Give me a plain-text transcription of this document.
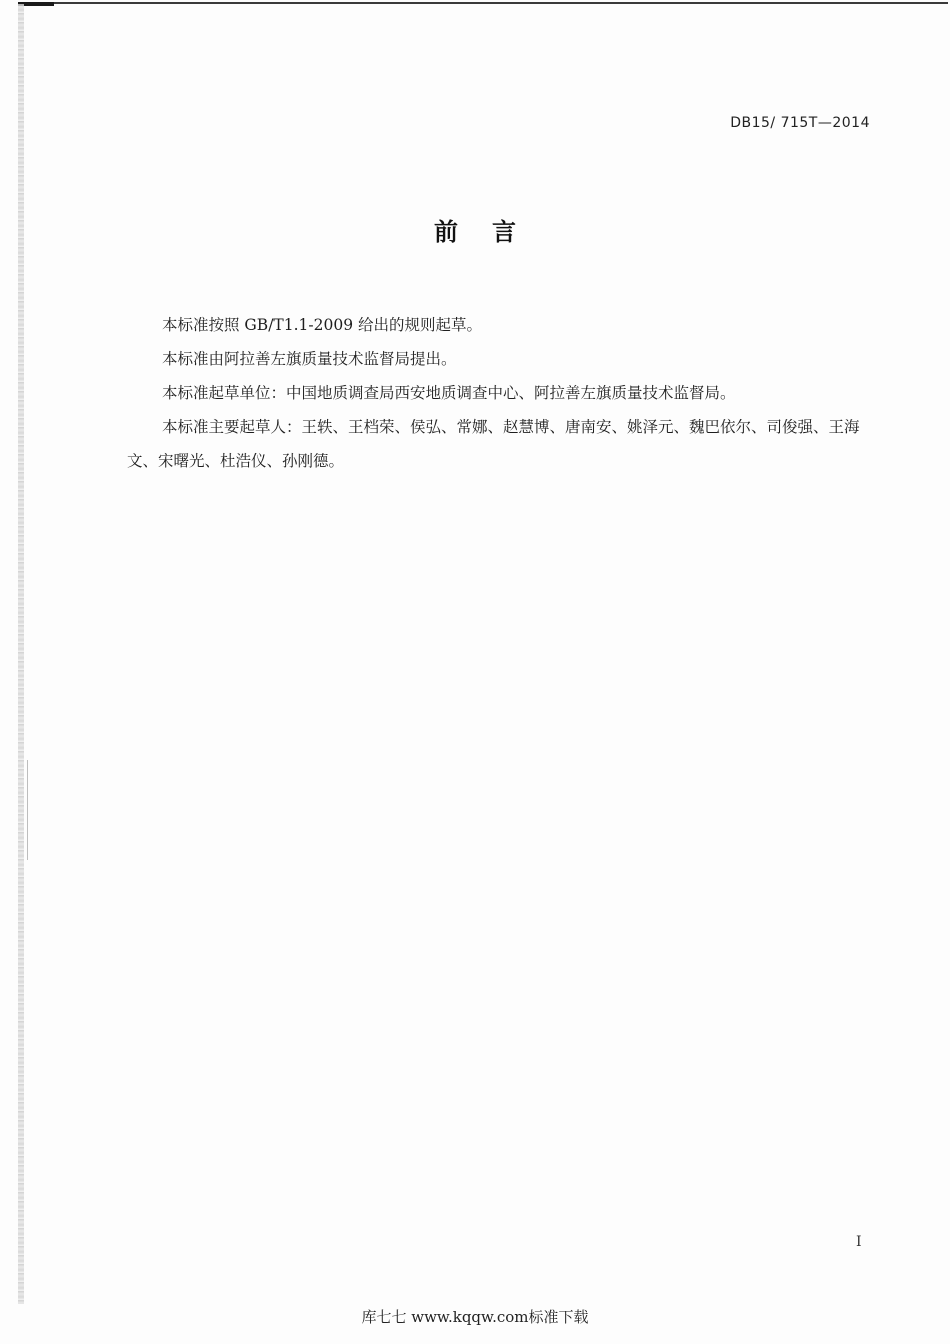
DB15/ 715T—2014
前 言

本标准按照 GB/T1.1-2009 给出的规则起草。

本标准由阿拉善左旗质量技术监督局提出。

本标准起草单位：中国地质调查局西安地质调查中心、阿拉善左旗质量技术监督局。

本标准主要起草人：王轶、王档荣、侯弘、常娜、赵慧博、唐南安、姚泽元、魏巴依尔、司俊强、王海文、宋曙光、杜浩仪、孙刚德。

I
库七七 www.kqqw.com标准下载
